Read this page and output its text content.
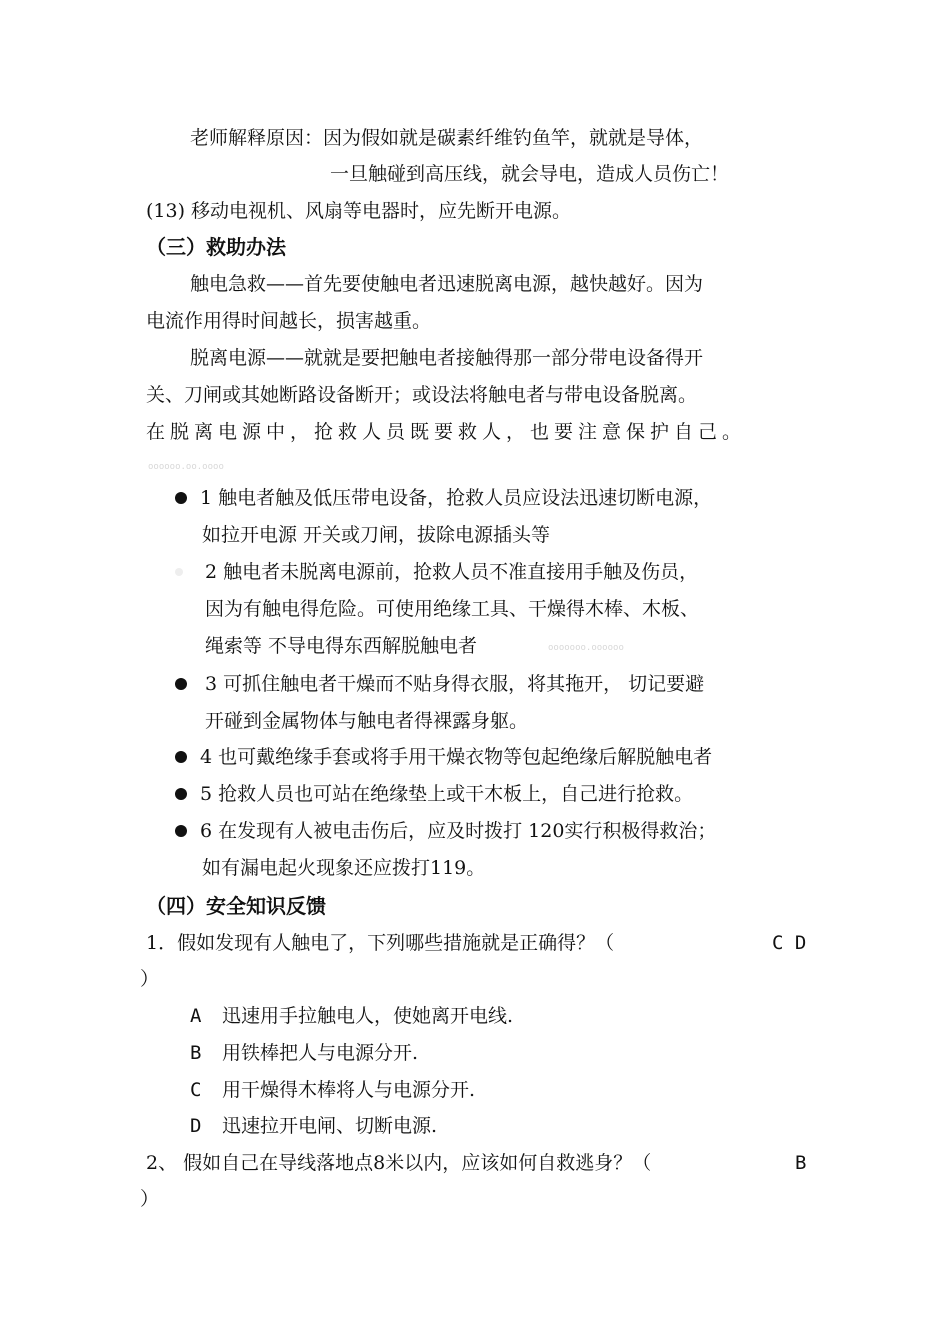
老师解释原因：因为假如就是碳素纤维钓鱼竿，就就是导体，
一旦触碰到高压线，就会导电，造成人员伤亡！
(13) 移动电视机、风扇等电器时，应先断开电源。
（三）救助办法
触电急救——首先要使触电者迅速脱离电源，越快越好。因为
电流作用得时间越长，损害越重。
脱离电源——就就是要把触电者接触得那一部分带电设备得开
关、刀闸或其她断路设备断开；或设法将触电者与带电设备脱离。
在脱离电源中，抢救人员既要救人，也要注意保护自己。
oooooo.oo.oooo
1 触电者触及低压带电设备，抢救人员应设法迅速切断电源，
如拉开电源 开关或刀闸，拔除电源插头等
2 触电者未脱离电源前，抢救人员不准直接用手触及伤员，
因为有触电得危险。可使用绝缘工具、干燥得木棒、木板、
绳索等 不导电得东西解脱触电者	ooooooo.oooooo
3 可抓住触电者干燥而不贴身得衣服，将其拖开， 切记要避
开碰到金属物体与触电者得裸露身躯。
4 也可戴绝缘手套或将手用干燥衣物等包起绝缘后解脱触电者
5 抢救人员也可站在绝缘垫上或干木板上，自己进行抢救。
6 在发现有人被电击伤后，应及时拨打 120实行积极得救治；
如有漏电起火现象还应拨打119。
（四）安全知识反馈
1．假如发现有人触电了，下列哪些措施就是正确得？（	C D
）
A 迅速用手拉触电人，使她离开电线.
B 用铁棒把人与电源分开.
C 用干燥得木棒将人与电源分开.
D 迅速拉开电闸、切断电源.
2、 假如自己在导线落地点8米以内，应该如何自救逃身？（	B
）
